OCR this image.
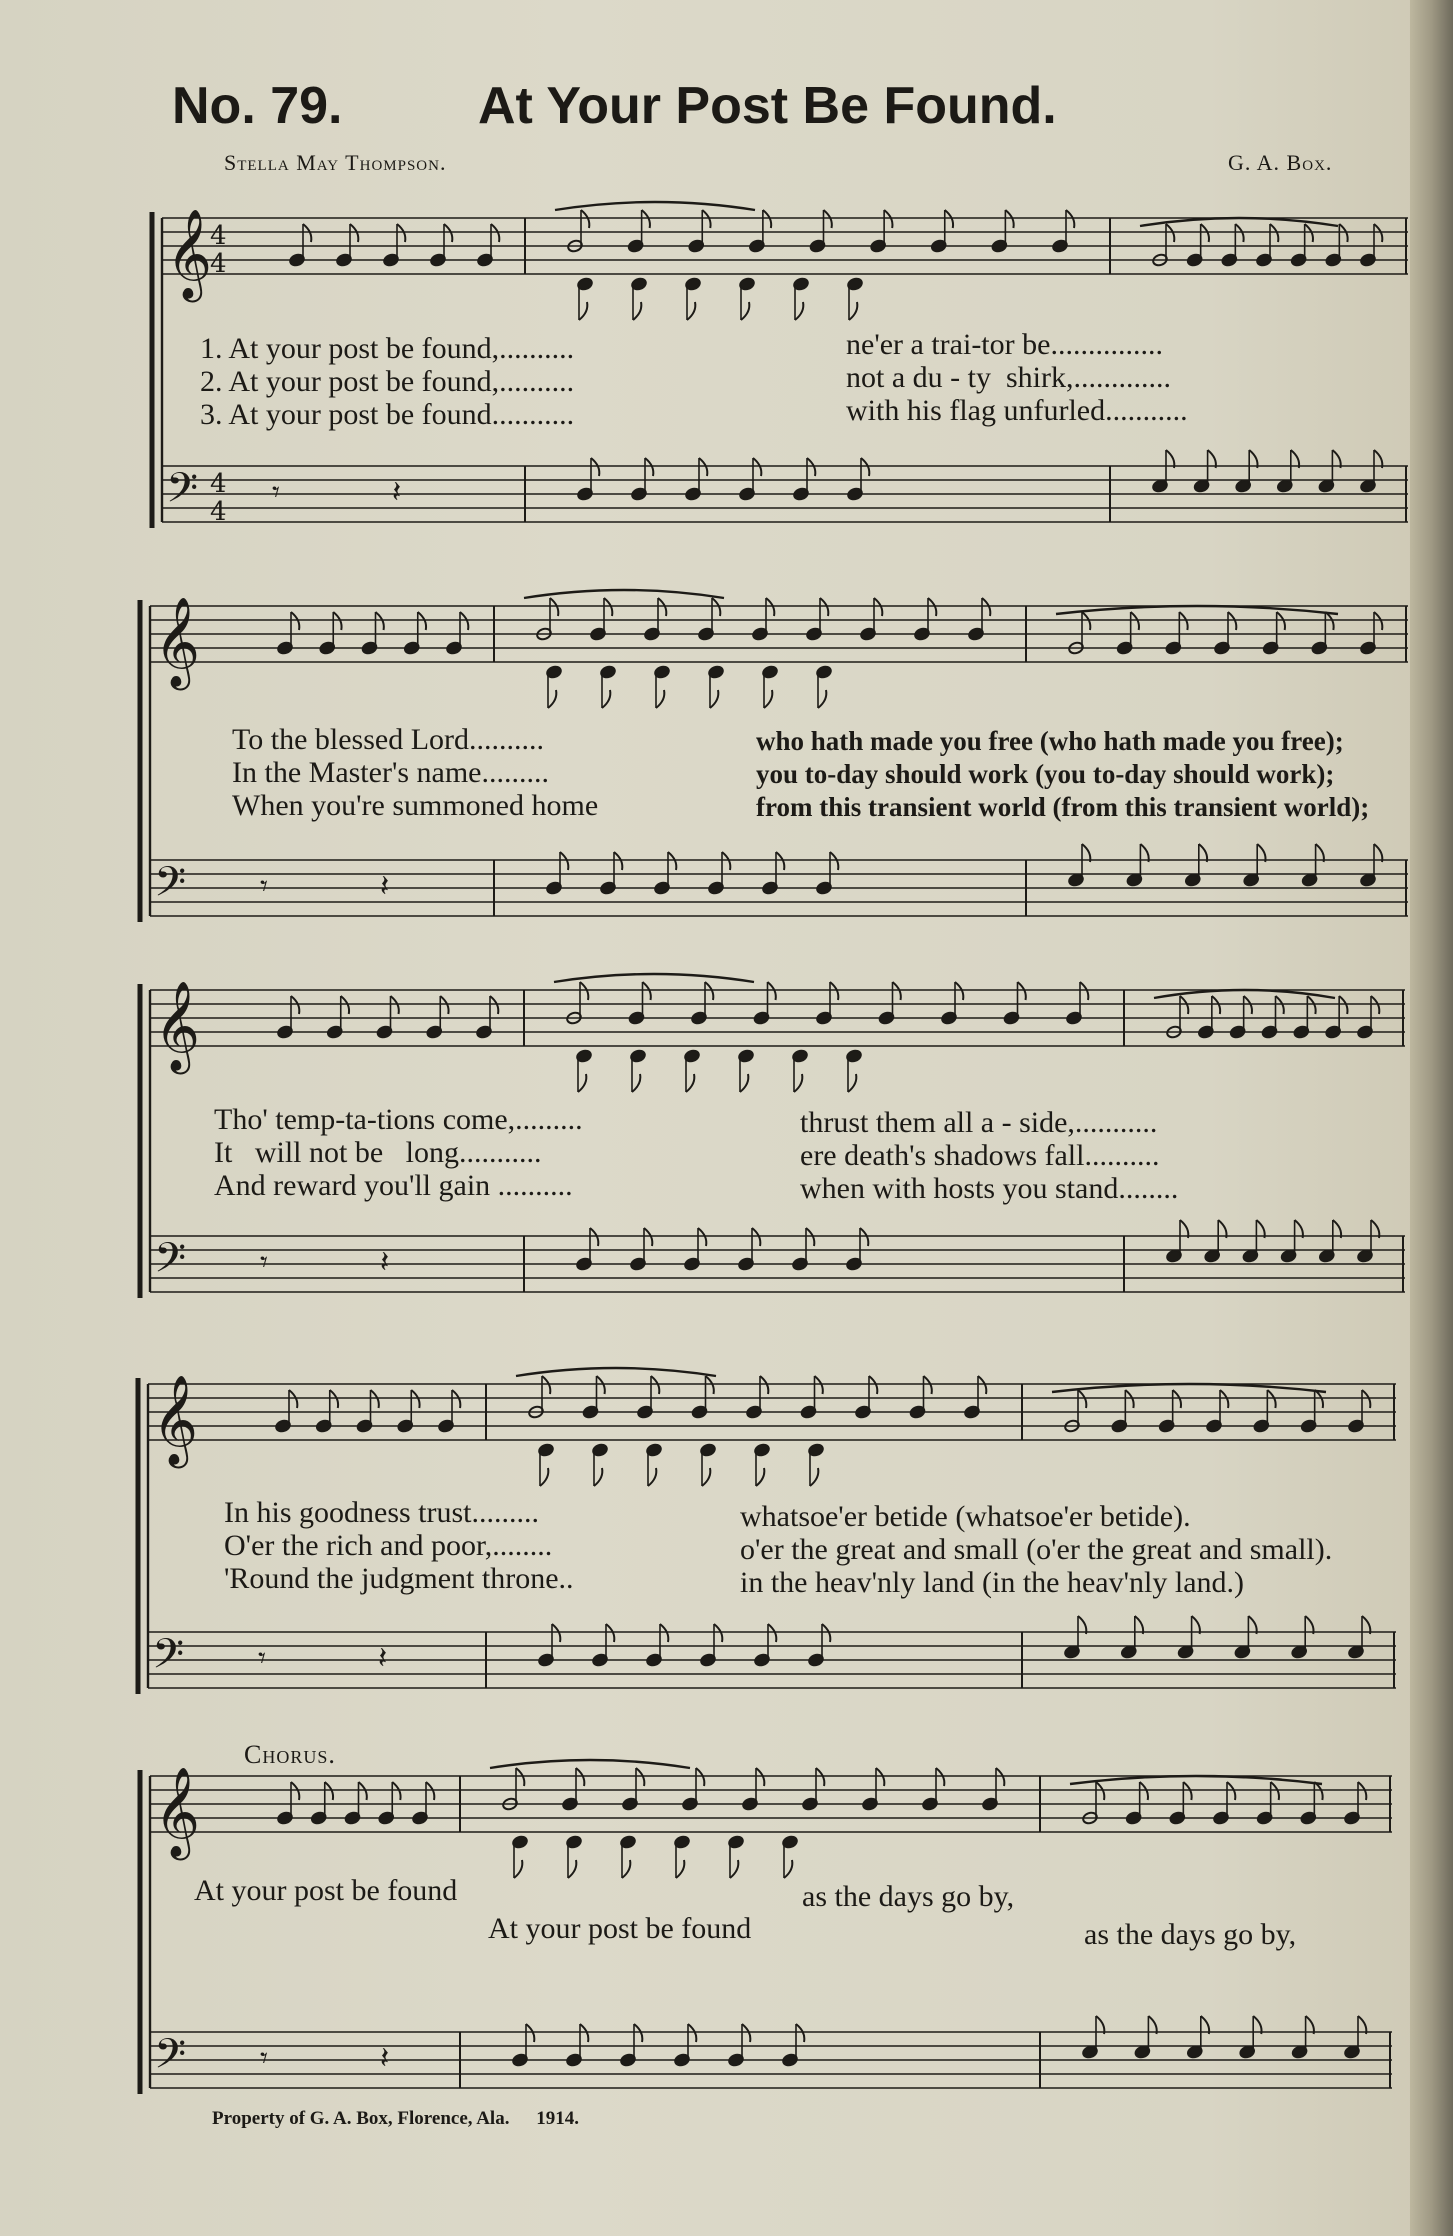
No. 79.	At Your Post Be Found.
Stella May Thompson.	G. A. Box.
𝄞
𝄢
4
4
4
4
𝄾	𝄽
𝄞
𝄢 𝄾	𝄽
𝄞
𝄢 𝄾	𝄽
𝄞
𝄢 𝄾	𝄽
𝄞
𝄢 𝄾	𝄽
1. At your post be found,..........	ne'er a trai-tor be...............
2. At your post be found,..........	not a du - ty  shirk,.............
3. At your post be found...........	with his flag unfurled...........
To the blessed Lord..........	who hath made you free (who hath made you free);
In the Master's name.........	you to-day should work (you to-day should work);
When you're summoned home	from this transient world (from this transient world);
Tho' temp-ta-tions come,.........	thrust them all a - side,...........
It   will not be   long...........	ere death's shadows fall..........
And reward you'll gain ..........	when with hosts you stand........
In his goodness trust.........	whatsoe'er betide (whatsoe'er betide).
O'er the rich and poor,........	o'er the great and small (o'er the great and small).
'Round the judgment throne..	in the heav'nly land (in the heav'nly land.)
Chorus.
At your post be found	as the days go by,
At your post be found	as the days go by,
Property of G. A. Box, Florence, Ala. 1914.
